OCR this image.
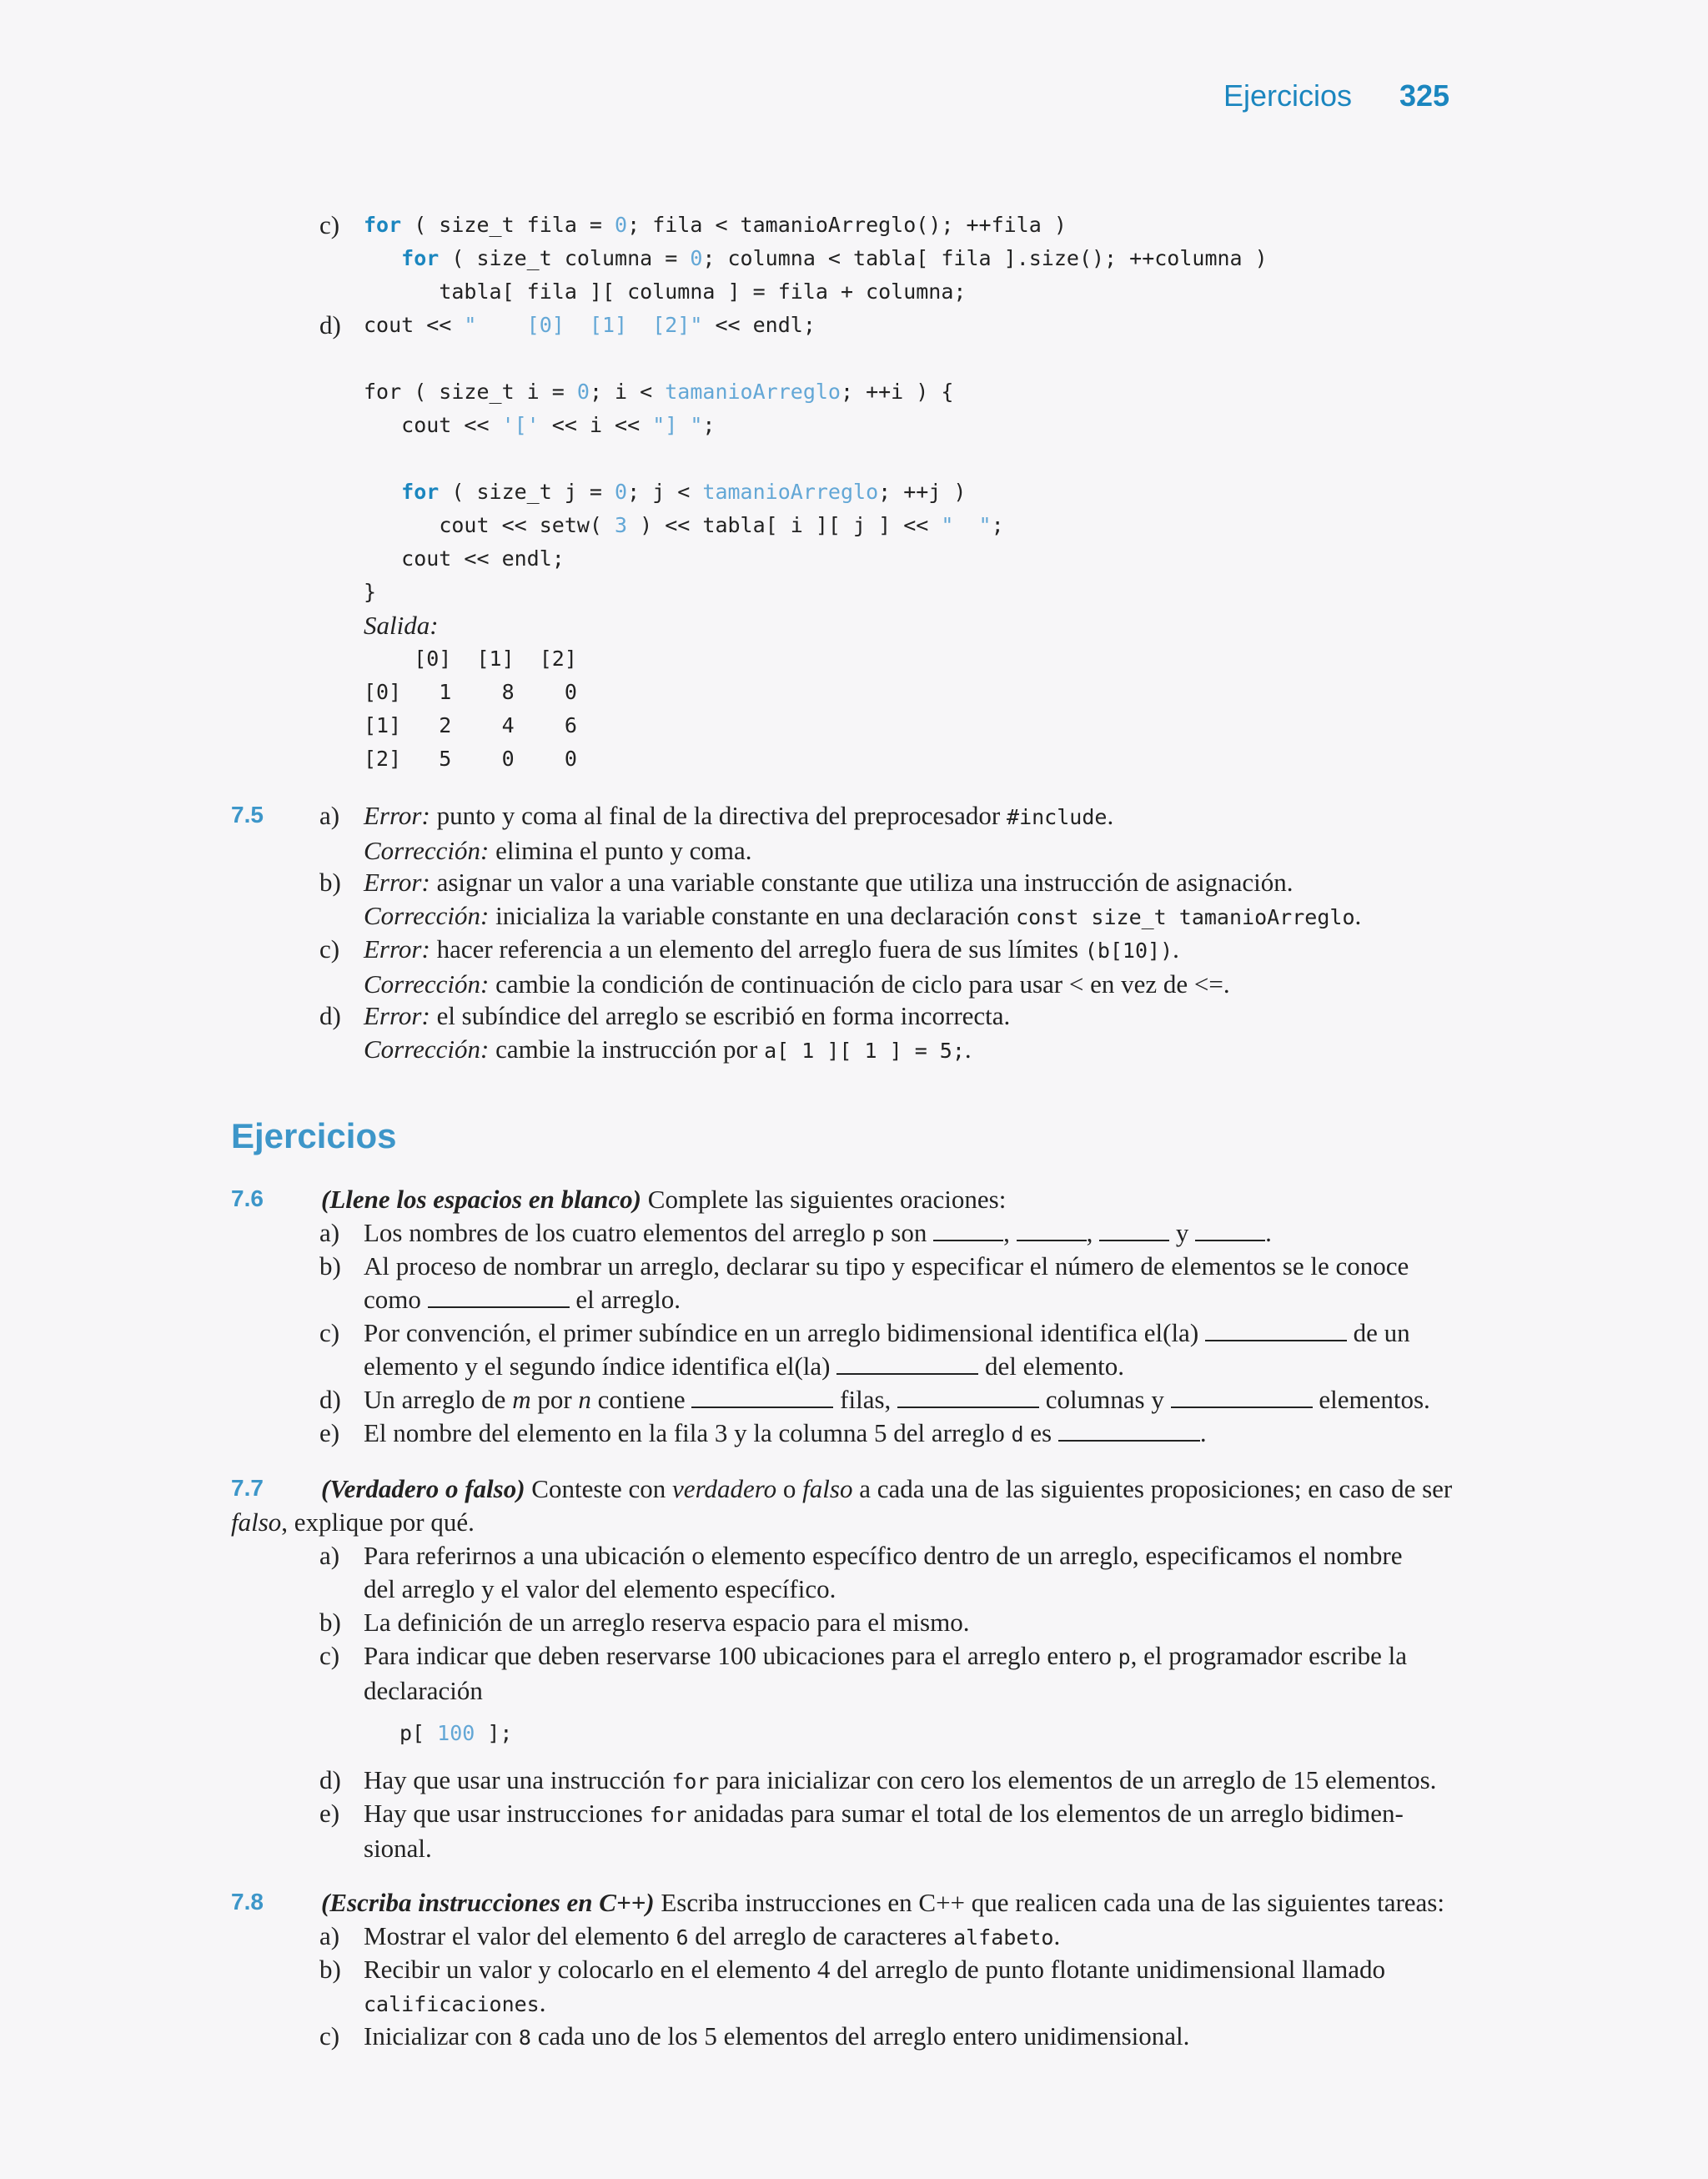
Ejercicios 325
c) for ( size_t fila = 0; fila < tamanioArreglo(); ++fila )
for ( size_t columna = 0; columna < tabla[ fila ].size(); ++columna )
tabla[ fila ][ columna ] = fila + columna;
d) cout << "    [0]  [1]  [2]" << endl;

for ( size_t i = 0; i < tamanioArreglo; ++i ) {
cout << '[' << i << "] ";

for ( size_t j = 0; j < tamanioArreglo; ++j )
cout << setw( 3 ) << tabla[ i ][ j ] << "  ";
cout << endl;
}
Salida:
[0]  [1]  [2]
[0]   1    8    0
[1]   2    4    6
[2]   5    0    0
7.5 a) Error: punto y coma al final de la directiva del preprocesador #include.
Corrección: elimina el punto y coma.
b) Error: asignar un valor a una variable constante que utiliza una instrucción de asignación.
Corrección: inicializa la variable constante en una declaración const size_t tamanioArreglo.
c) Error: hacer referencia a un elemento del arreglo fuera de sus límites (b[10]).
Corrección: cambie la condición de continuación de ciclo para usar < en vez de <=.
d) Error: el subíndice del arreglo se escribió en forma incorrecta.
Corrección: cambie la instrucción por a[ 1 ][ 1 ] = 5;.
Ejercicios
7.6 (Llene los espacios en blanco) Complete las siguientes oraciones:
a) Los nombres de los cuatro elementos del arreglo p son	,	,	y	.
b) Al proceso de nombrar un arreglo, declarar su tipo y especificar el número de elementos se le conoce
como	el arreglo.
c) Por convención, el primer subíndice en un arreglo bidimensional identifica el(la)	de un
elemento y el segundo índice identifica el(la)	del elemento.
d) Un arreglo de m por n contiene	filas,	columnas y	elementos.
e) El nombre del elemento en la fila 3 y la columna 5 del arreglo d es	.
7.7 (Verdadero o falso) Conteste con verdadero o falso a cada una de las siguientes proposiciones; en caso de ser
falso, explique por qué.
a) Para referirnos a una ubicación o elemento específico dentro de un arreglo, especificamos el nombre
del arreglo y el valor del elemento específico.
b) La definición de un arreglo reserva espacio para el mismo.
c) Para indicar que deben reservarse 100 ubicaciones para el arreglo entero p, el programador escribe la
declaración
p[ 100 ];
d) Hay que usar una instrucción for para inicializar con cero los elementos de un arreglo de 15 elementos.
e) Hay que usar instrucciones for anidadas para sumar el total de los elementos de un arreglo bidimen-
sional.
7.8 (Escriba instrucciones en C++) Escriba instrucciones en C++ que realicen cada una de las siguientes tareas:
a) Mostrar el valor del elemento 6 del arreglo de caracteres alfabeto.
b) Recibir un valor y colocarlo en el elemento 4 del arreglo de punto flotante unidimensional llamado
calificaciones.
c) Inicializar con 8 cada uno de los 5 elementos del arreglo entero unidimensional.
